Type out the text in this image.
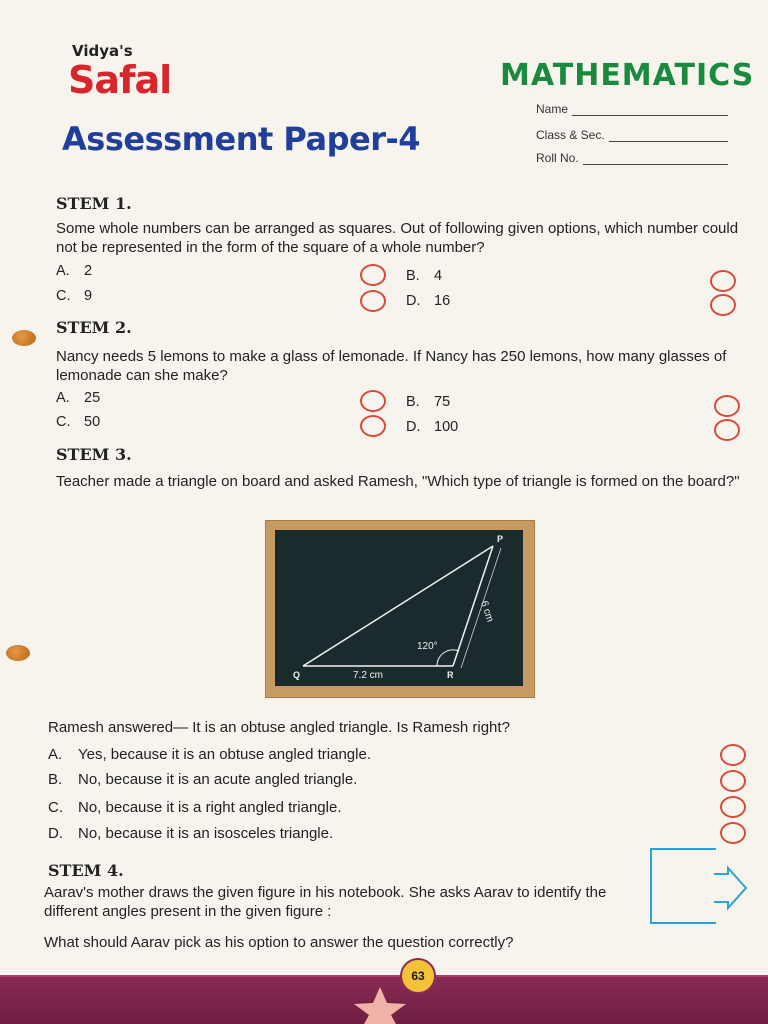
Vidya's
Safal	MATHEMATICS
Assessment Paper-4
Name
Class & Sec.
Roll No.
STEM 1.
Some whole numbers can be arranged as squares. Out of following given options, which number could not be represented in the form of the square of a whole number?
A. 2	B. 4
C. 9	D. 16
STEM 2.
Nancy needs 5 lemons to make a glass of lemonade. If Nancy has 250 lemons, how many glasses of lemonade can she make?
A. 25	B. 75
C. 50	D. 100
STEM 3.
Teacher made a triangle on board and asked Ramesh, "Which type of triangle is formed on the board?"
P
Q	R
7.2 cm
6 cm
120°
Ramesh answered— It is an obtuse angled triangle. Is Ramesh right?
A. Yes, because it is an obtuse angled triangle.
B. No, because it is an acute angled triangle.
C. No, because it is a right angled triangle.
D. No, because it is an isosceles triangle.
STEM 4.
Aarav's mother draws the given figure in his notebook. She asks Aarav to identify the different angles present in the given figure :
What should Aarav pick as his option to answer the question correctly?
63
